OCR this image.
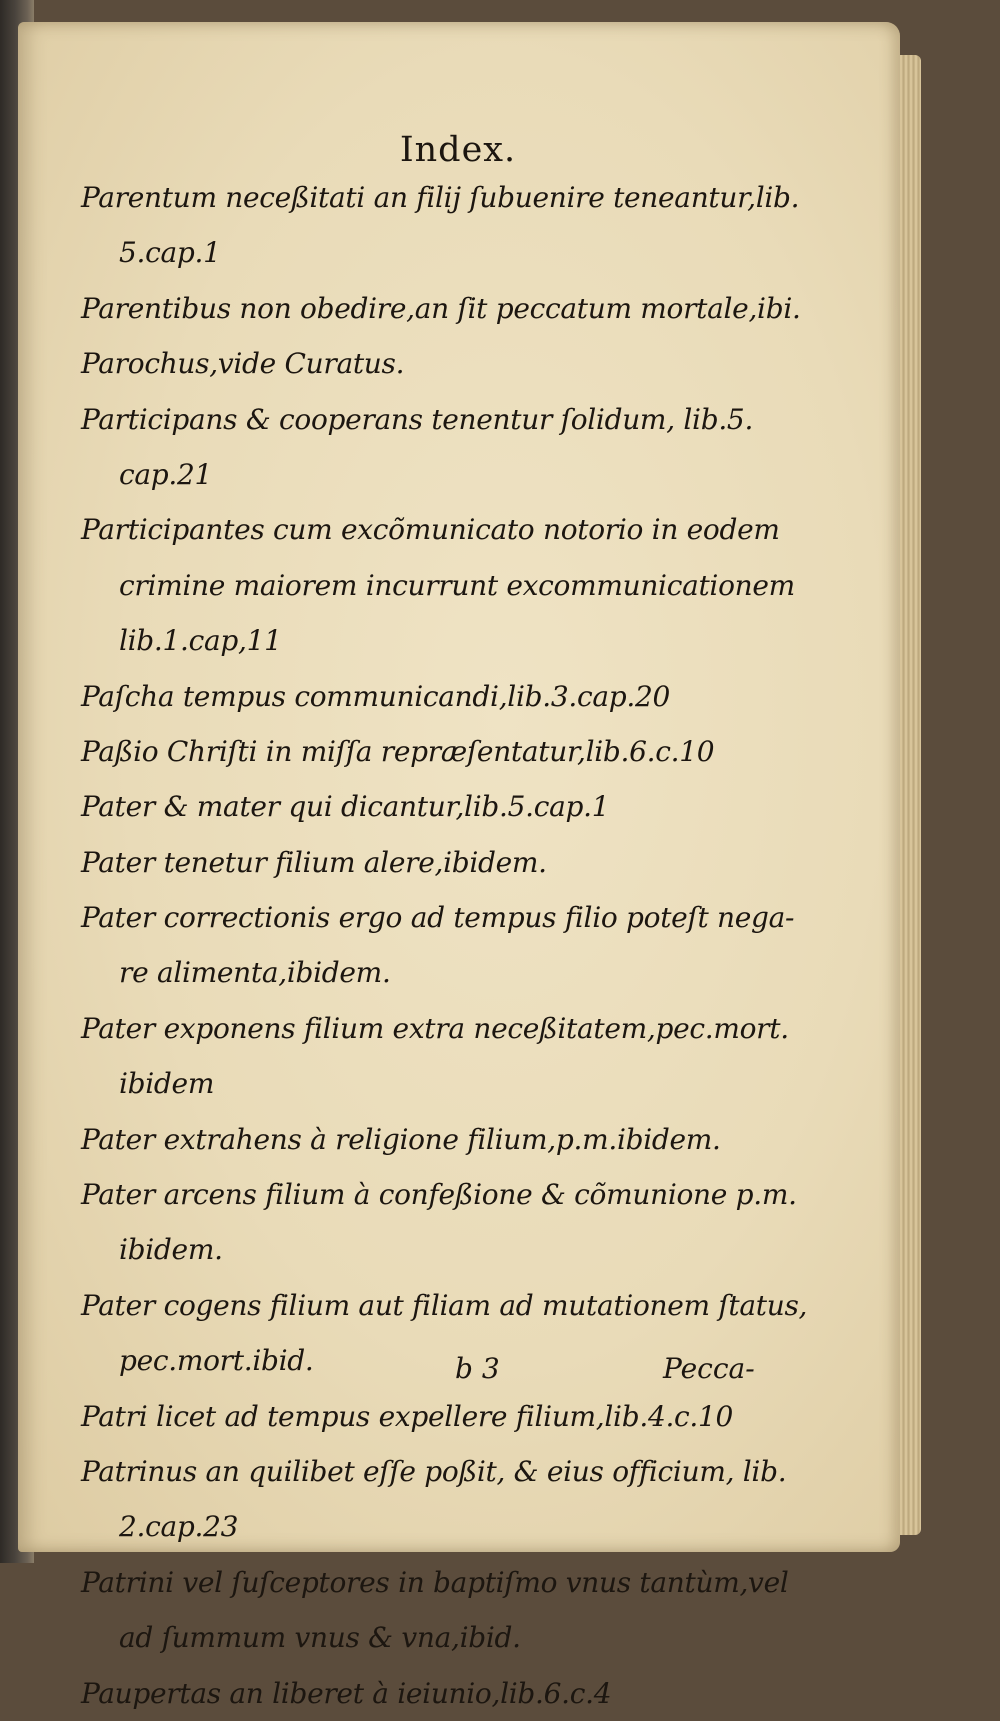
Index.
Parentum neceßitati an filij ſubuenire teneantur,lib.
5.cap.1
Parentibus non obedire,an ſit peccatum mortale,ibi.
Parochus,vide Curatus.
Participans & cooperans tenentur ſolidum, lib.5.
cap.21
Participantes cum excõmunicato notorio in eodem
crimine maiorem incurrunt excommunicationem
lib.1.cap,11
Paſcha tempus communicandi,lib.3.cap.20
Paßio Chriſti in miſſa repræſentatur,lib.6.c.10
Pater & mater qui dicantur,lib.5.cap.1
Pater tenetur filium alere,ibidem.
Pater correctionis ergo ad tempus filio poteſt nega-
re alimenta,ibidem.
Pater exponens filium extra neceßitatem,pec.mort.
ibidem
Pater extrahens à religione filium,p.m.ibidem.
Pater arcens filium à confeßione & cõmunione p.m.
ibidem.
Pater cogens filium aut filiam ad mutationem ſtatus,
pec.mort.ibid.
Patri licet ad tempus expellere filium,lib.4.c.10
Patrinus an quilibet eſſe poßit, & eius officium, lib.
2.cap.23
Patrini vel ſuſceptores in baptiſmo vnus tantùm,vel
ad ſummum vnus & vna,ibid.
Paupertas an liberet à ieiunio,lib.6.c.4
b 3	Pecca-
